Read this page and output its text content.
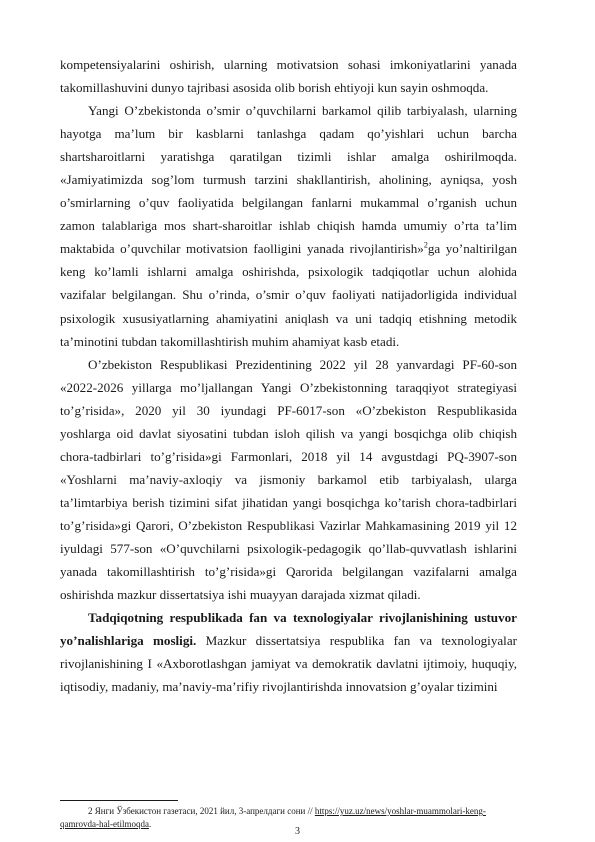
kompetensiyalarini oshirish, ularning motivatsion sohasi imkoniyatlarini yanada takomillashuvini dunyo tajribasi asosida olib borish ehtiyoji kun sayin oshmoqda.

Yangi O’zbekistonda o’smir o’quvchilarni barkamol qilib tarbiyalash, ularning hayotga ma’lum bir kasblarni tanlashga qadam qo’yishlari uchun barcha shartsharoitlarni yaratishga qaratilgan tizimli ishlar amalga oshirilmoqda. «Jamiyatimizda sog’lom turmush tarzini shakllantirish, aholining, ayniqsa, yosh o’smirlarning o’quv faoliyatida belgilangan fanlarni mukammal o’rganish uchun zamon talablariga mos shart-sharoitlar ishlab chiqish hamda umumiy o’rta ta’lim maktabida o’quvchilar motivatsion faolligini yanada rivojlantirish»$^2$ga yo’naltirilgan keng ko’lamli ishlarni amalga oshirishda, psixologik tadqiqotlar uchun alohida vazifalar belgilangan. Shu o’rinda, o’smir o’quv faoliyati natijadorligida individual psixologik xususiyatlarning ahamiyatini aniqlash va uni tadqiq etishning metodik ta’minotini tubdan takomillashtirish muhim ahamiyat kasb etadi.

O’zbekiston Respublikasi Prezidentining 2022 yil 28 yanvardagi PF-60-son «2022-2026 yillarga mo’ljallangan Yangi O’zbekistonning taraqqiyot strategiyasi to’g’risida», 2020 yil 30 iyundagi PF-6017-son «O’zbekiston Respublikasida yoshlarga oid davlat siyosatini tubdan isloh qilish va yangi bosqichga olib chiqish chora-tadbirlari to’g’risida»gi Farmonlari, 2018 yil 14 avgustdagi PQ-3907-son «Yoshlarni ma’naviy-axloqiy va jismoniy barkamol etib tarbiyalash, ularga ta’limtarbiya berish tizimini sifat jihatidan yangi bosqichga ko’tarish chora-tadbirlari to’g’risida»gi Qarori, O’zbekiston Respublikasi Vazirlar Mahkamasining 2019 yil 12 iyuldagi 577-son «O’quvchilarni psixologik-pedagogik qo’llab-quvvatlash ishlarini yanada takomillashtirish to’g’risida»gi Qarorida belgilangan vazifalarni amalga oshirishda mazkur dissertatsiya ishi muayyan darajada xizmat qiladi.

Tadqiqotning respublikada fan va texnologiyalar rivojlanishining ustuvor yo’nalishlariga mosligi. Mazkur dissertatsiya respublika fan va texnologiyalar rivojlanishining I «Axborotlashgan jamiyat va demokratik davlatni ijtimoiy, huquqiy, iqtisodiy, madaniy, ma’naviy-ma’rifiy rivojlantirishda innovatsion g’oyalar tizimini

2 Янги Ўзбекистон газетаси, 2021 йил, 3-апрелдаги сони // https://yuz.uz/news/yoshlar-muammolari-keng-qamrovda-hal-etilmoqda.
3
